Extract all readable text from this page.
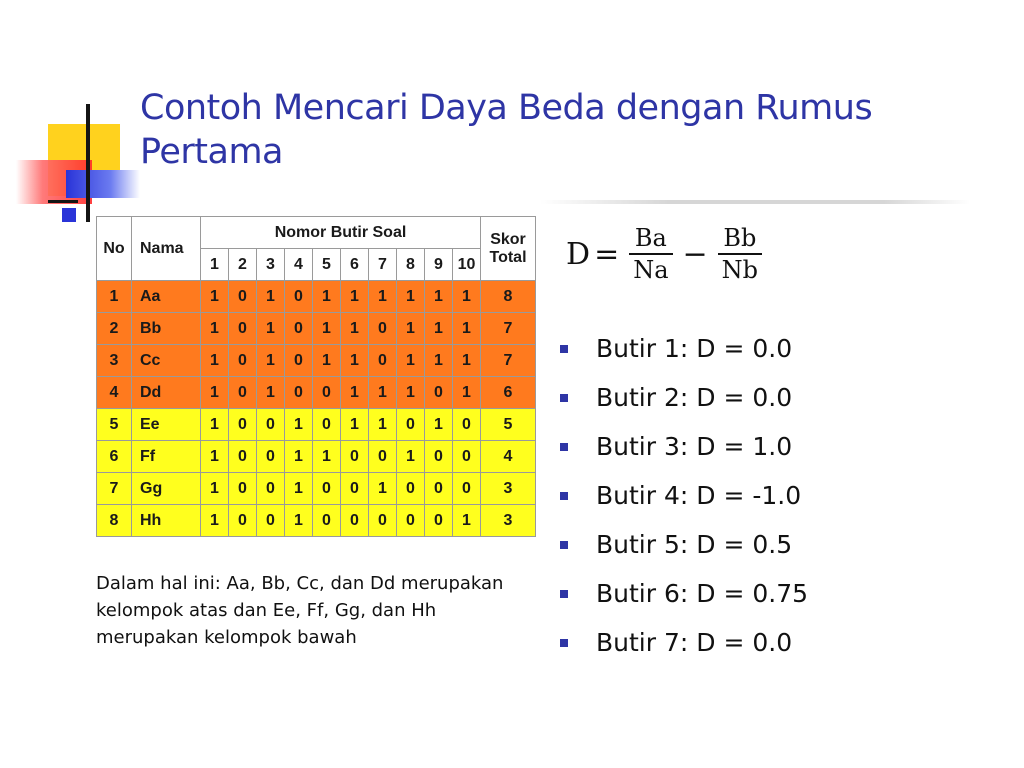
Contoh Mencari Daya Beda dengan Rumus Pertama
No	Nama	Nomor Butir Soal										Skor Total
		1	2	3	4	5	6	7	8	9	10	
1	Aa	1	0	1	0	1	1	1	1	1	1	8
2	Bb	1	0	1	0	1	1	0	1	1	1	7
3	Cc	1	0	1	0	1	1	0	1	1	1	7
4	Dd	1	0	1	0	0	1	1	1	0	1	6
5	Ee	1	0	0	1	0	1	1	0	1	0	5
6	Ff	1	0	0	1	1	0	0	1	0	0	4
7	Gg	1	0	0	1	0	0	1	0	0	0	3
8	Hh	1	0	0	1	0	0	0	0	0	1	3
$D = \frac{Ba}{Na} - \frac{Bb}{Nb}$
Butir 1: D = 0.0
Butir 2: D = 0.0
Butir 3: D = 1.0
Butir 4: D = -1.0
Butir 5: D = 0.5
Butir 6: D = 0.75
Butir 7: D = 0.0

Dalam hal ini: Aa, Bb, Cc, dan Dd merupakan kelompok atas dan Ee, Ff, Gg, dan Hh merupakan kelompok bawah
